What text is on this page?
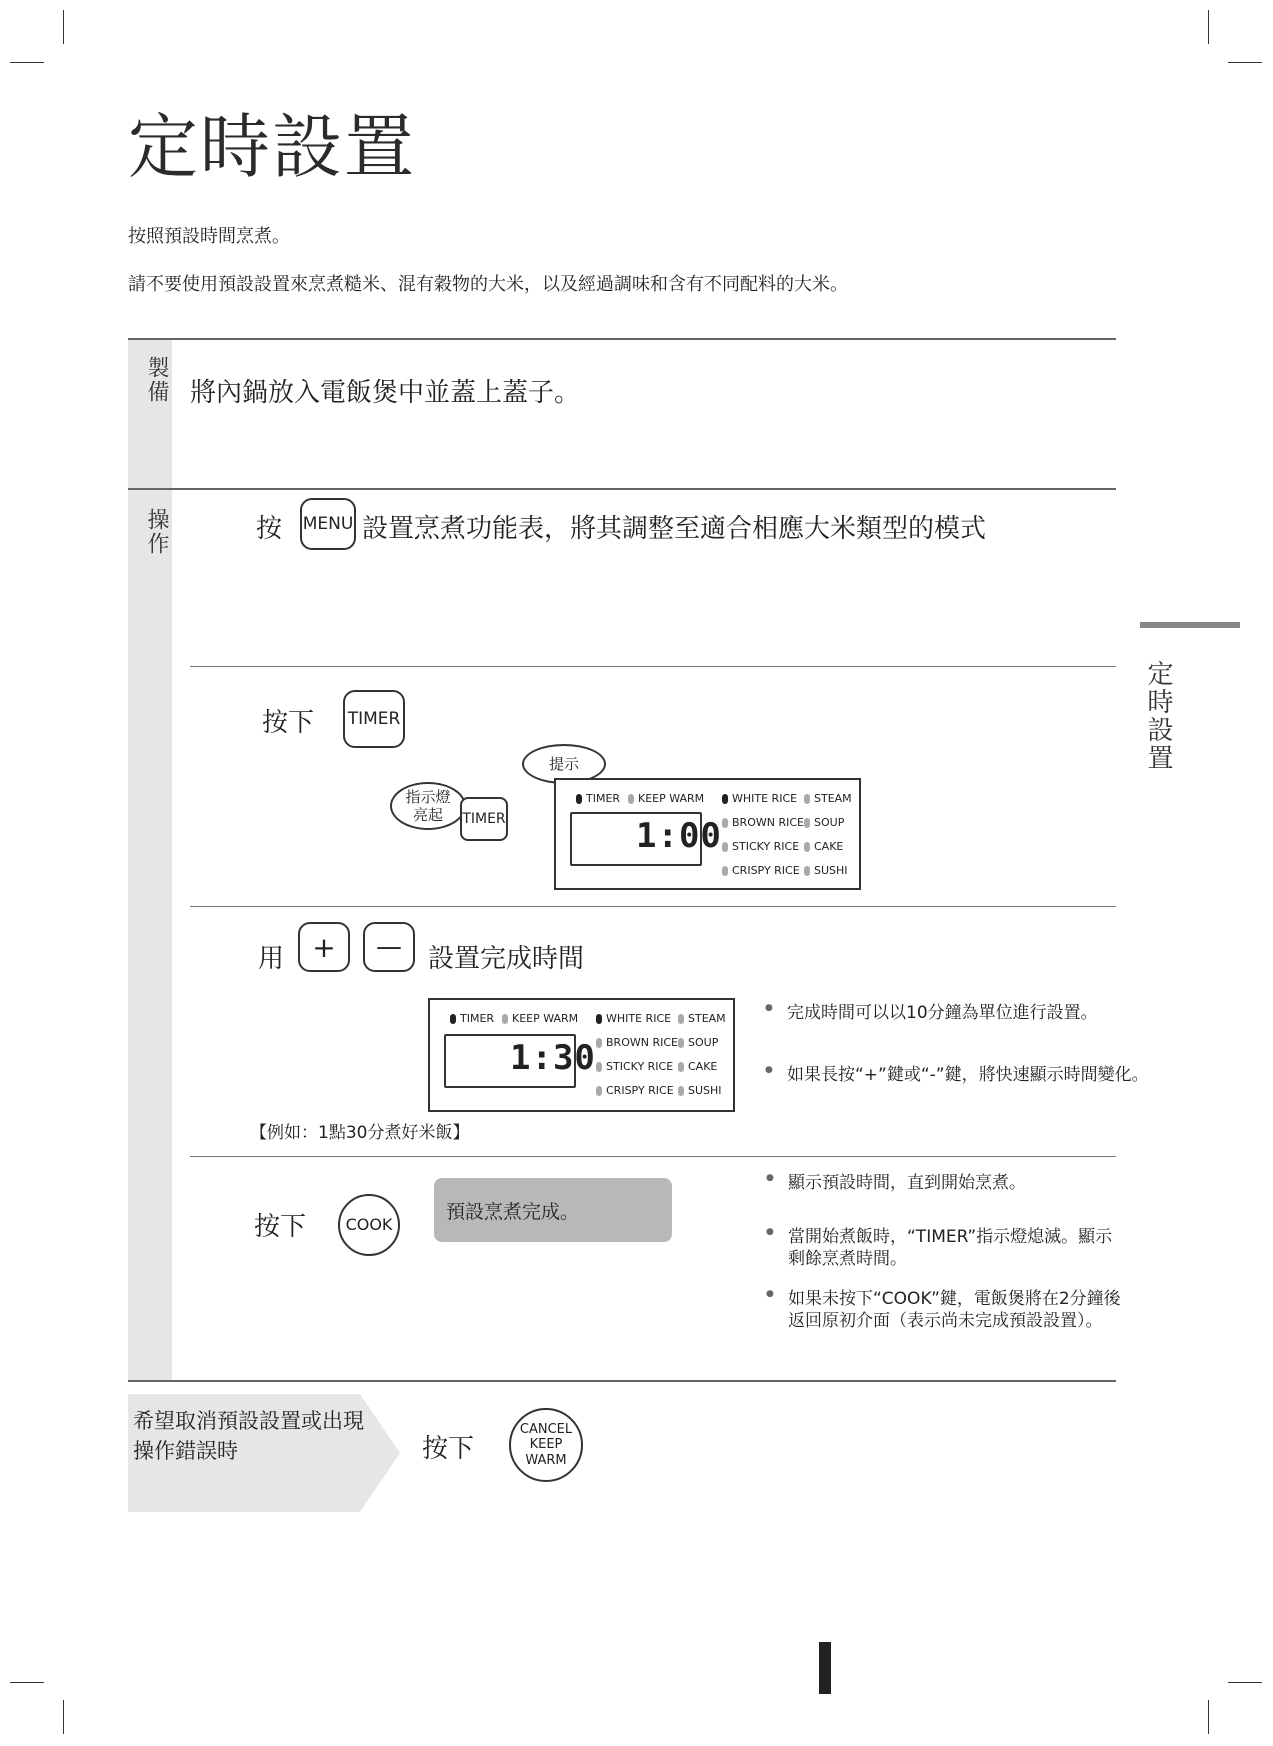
定時設置
按照預設時間烹煮。
請不要使用預設設置來烹煮糙米、混有穀物的大米，以及經過調味和含有不同配料的大米。
定時設置
製備 將內鍋放入電飯煲中並蓋上蓋子。
操作	按 MENU 設置烹煮功能表，將其調整至適合相應大米類型的模式
按下 TIMER
提示
指示燈
亮起 TIMER
TIMER KEEP WARM	WHITE RICE STEAM
BROWN RICE SOUP
STICKY RICE CAKE
CRISPY RICE SUSHI
1:00
用	+	—	設置完成時間
TIMER KEEP WARM	WHITE RICE STEAM
BROWN RICE SOUP
STICKY RICE CAKE
CRISPY RICE SUSHI
1:30
【例如：1點30分煮好米飯】
● 完成時間可以以10分鐘為單位進行設置。
● 如果長按“+”鍵或“-”鍵，將快速顯示時間變化。
按下	COOK
預設烹煮完成。
● 顯示預設時間，直到開始烹煮。
● 當開始煮飯時，“TIMER”指示燈熄滅。顯示剩餘烹煮時間。
● 如果未按下“COOK”鍵，電飯煲將在2分鐘後返回原初介面（表示尚未完成預設設置）。
希望取消預設設置或出現
操作錯誤時	按下
CANCEL
KEEP
WARM
